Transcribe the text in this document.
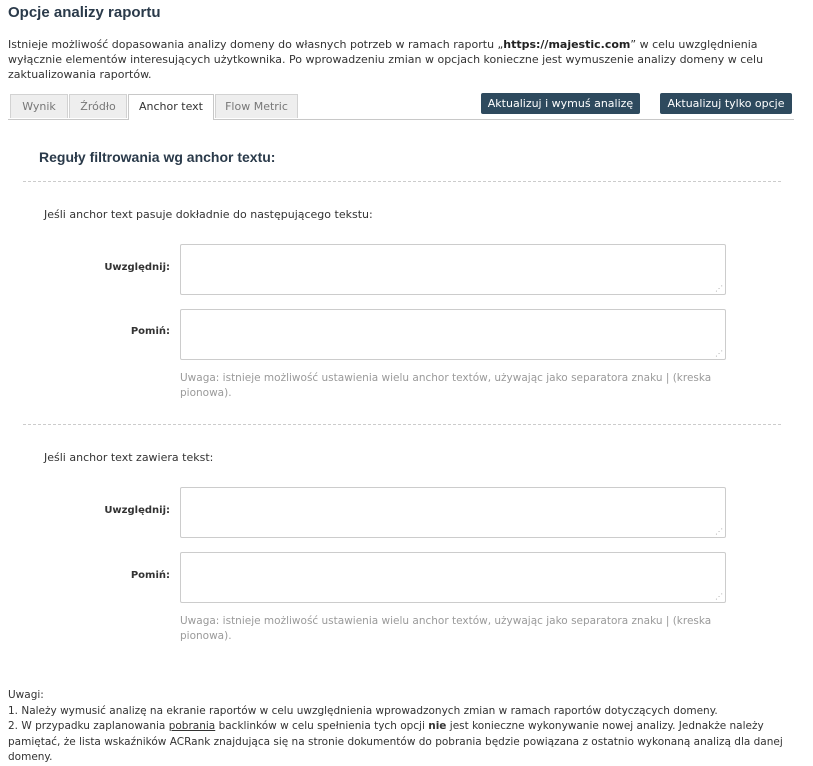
Opcje analizy raportu
Istnieje możliwość dopasowania analizy domeny do własnych potrzeb w ramach raportu „https://majestic.com” w celu uwzględnienia wyłącznie elementów interesujących użytkownika. Po wprowadzeniu zmian w opcjach konieczne jest wymuszenie analizy domeny w celu zaktualizowania raportów.
Wynik	Źródło	Anchor text	Flow Metric	Aktualizuj i wymuś analizę	Aktualizuj tylko opcje
Reguły filtrowania wg anchor textu:
Jeśli anchor text pasuje dokładnie do następującego tekstu:
Uwzględnij:
⋰
Pomiń:
⋰
Uwaga: istnieje możliwość ustawienia wielu anchor textów, używając jako separatora znaku | (kreska pionowa).
Jeśli anchor text zawiera tekst:
Uwzględnij:
⋰
Pomiń:
⋰
Uwaga: istnieje możliwość ustawienia wielu anchor textów, używając jako separatora znaku | (kreska pionowa).
Uwagi:
1. Należy wymusić analizę na ekranie raportów w celu uwzględnienia wprowadzonych zmian w ramach raportów dotyczących domeny.
2. W przypadku zaplanowania pobrania backlinków w celu spełnienia tych opcji nie jest konieczne wykonywanie nowej analizy. Jednakże należy pamiętać, że lista wskaźników ACRank znajdująca się na stronie dokumentów do pobrania będzie powiązana z ostatnio wykonaną analizą dla danej domeny.
